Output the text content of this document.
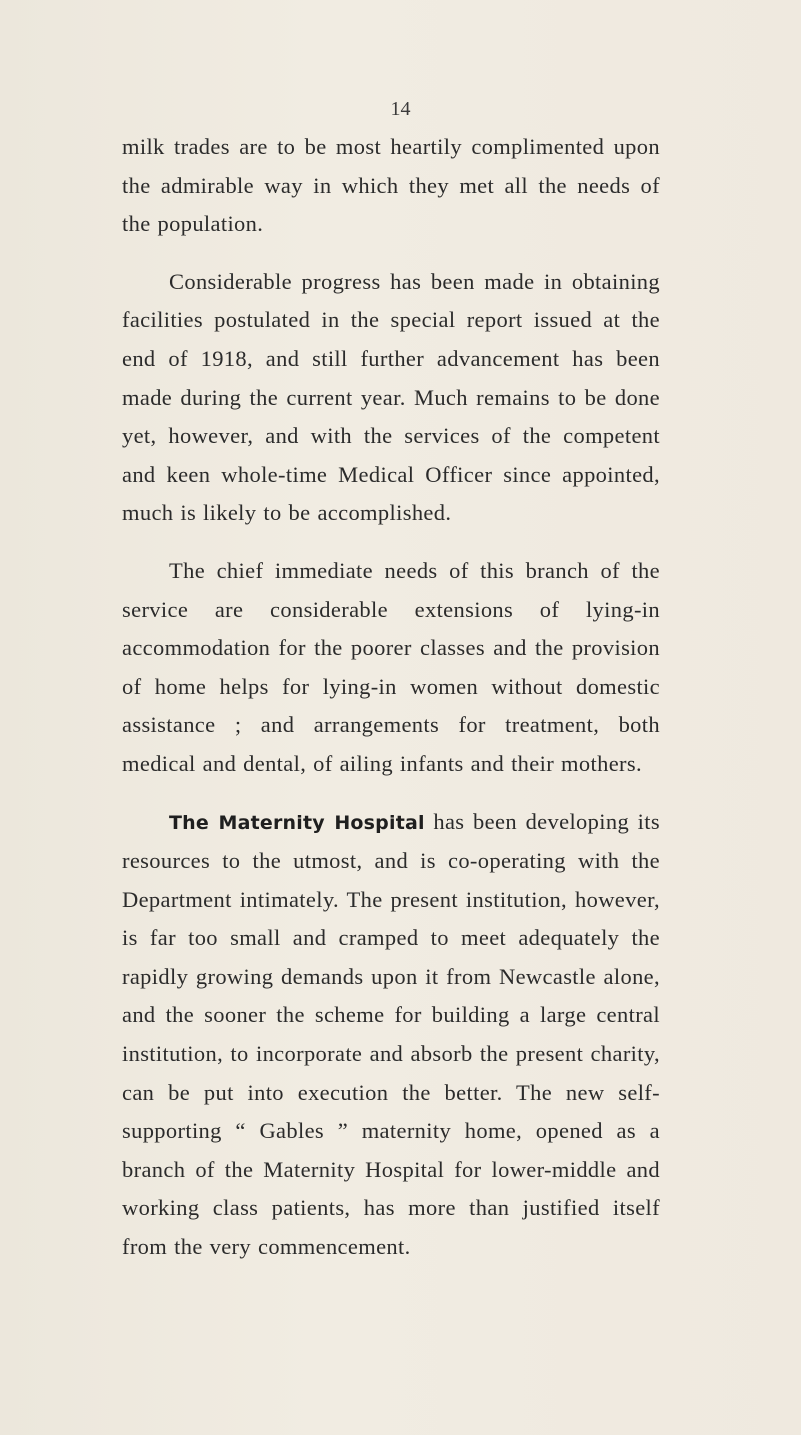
14

milk trades are to be most heartily complimented upon the admirable way in which they met all the needs of the population.

Considerable progress has been made in obtaining facilities postulated in the special report issued at the end of 1918, and still further advancement has been made during the current year. Much remains to be done yet, however, and with the services of the competent and keen whole-time Medical Officer since appointed, much is likely to be accomplished.

The chief immediate needs of this branch of the service are considerable extensions of lying-in accommodation for the poorer classes and the provision of home helps for lying-in women without domestic assistance ; and arrangements for treatment, both medical and dental, of ailing infants and their mothers.

The Maternity Hospital has been developing its resources to the utmost, and is co-operating with the Department intimately. The present institution, however, is far too small and cramped to meet adequately the rapidly growing demands upon it from Newcastle alone, and the sooner the scheme for building a large central institution, to incorporate and absorb the present charity, can be put into execution the better. The new self-supporting “ Gables ” maternity home, opened as a branch of the Maternity Hospital for lower-middle and working class patients, has more than justified itself from the very commencement.
